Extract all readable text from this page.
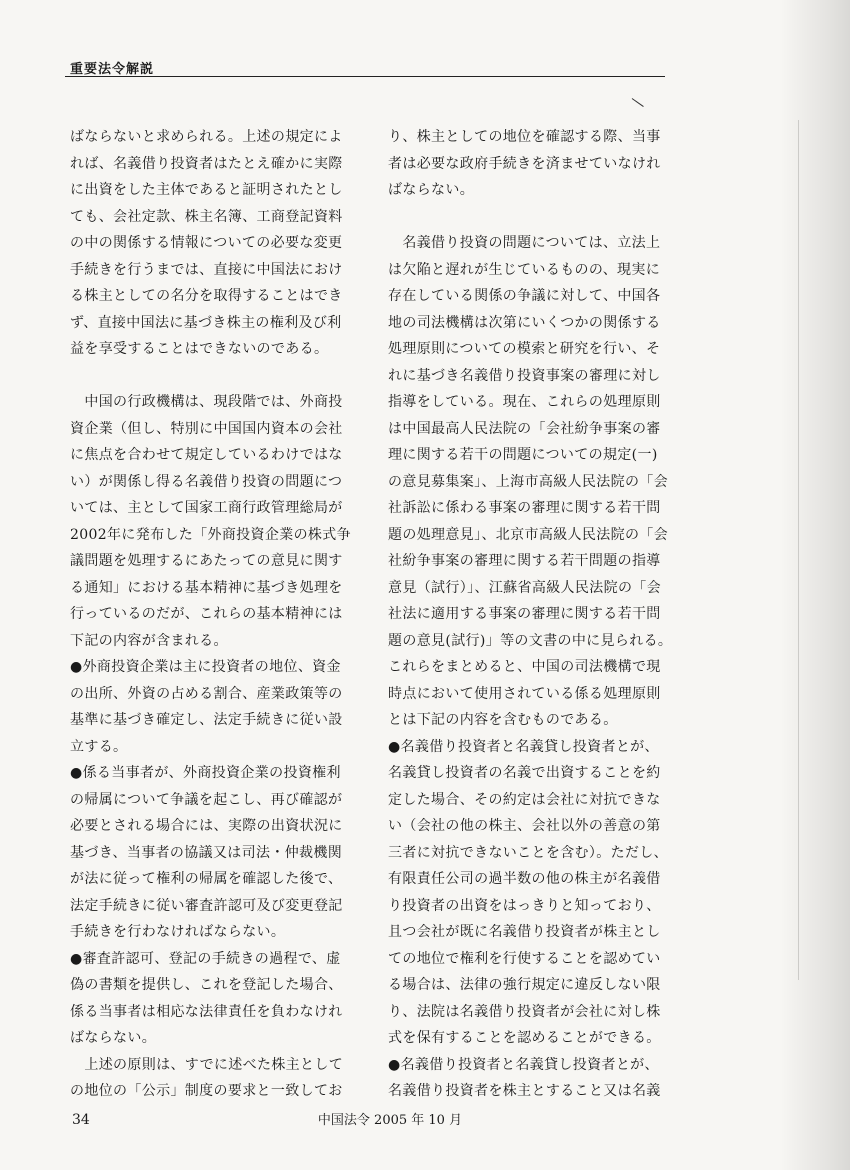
重要法令解説

ばならないと求められる。上述の規定によ

れば、名義借り投資者はたとえ確かに実際

に出資をした主体であると証明されたとし

ても、会社定款、株主名簿、工商登記資料

の中の関係する情報についての必要な変更

手続きを行うまでは、直接に中国法におけ

る株主としての名分を取得することはでき

ず、直接中国法に基づき株主の権利及び利

益を享受することはできないのである。

　中国の行政機構は、現段階では、外商投

資企業（但し、特別に中国国内資本の会社

に焦点を合わせて規定しているわけではな

い）が関係し得る名義借り投資の問題につ

いては、主として国家工商行政管理総局が

2002年に発布した「外商投資企業の株式争

議問題を処理するにあたっての意見に関す

る通知」における基本精神に基づき処理を

行っているのだが、これらの基本精神には

下記の内容が含まれる。

●外商投資企業は主に投資者の地位、資金

の出所、外資の占める割合、産業政策等の

基準に基づき確定し、法定手続きに従い設

立する。

●係る当事者が、外商投資企業の投資権利

の帰属について争議を起こし、再び確認が

必要とされる場合には、実際の出資状況に

基づき、当事者の協議又は司法・仲裁機関

が法に従って権利の帰属を確認した後で、

法定手続きに従い審査許認可及び変更登記

手続きを行わなければならない。

●審査許認可、登記の手続きの過程で、虚

偽の書類を提供し、これを登記した場合、

係る当事者は相応な法律責任を負わなけれ

ばならない。

　上述の原則は、すでに述べた株主として

の地位の「公示」制度の要求と一致してお

り、株主としての地位を確認する際、当事

者は必要な政府手続きを済ませていなけれ

ばならない。

　名義借り投資の問題については、立法上

は欠陥と遅れが生じているものの、現実に

存在している関係の争議に対して、中国各

地の司法機構は次第にいくつかの関係する

処理原則についての模索と研究を行い、そ

れに基づき名義借り投資事案の審理に対し

指導をしている。現在、これらの処理原則

は中国最高人民法院の「会社紛争事案の審

理に関する若干の問題についての規定(一)

の意見募集案」、上海市高級人民法院の「会

社訴訟に係わる事案の審理に関する若干問

題の処理意見」、北京市高級人民法院の「会

社紛争事案の審理に関する若干問題の指導

意見（試行）」、江蘇省高級人民法院の「会

社法に適用する事案の審理に関する若干問

題の意見(試行)」等の文書の中に見られる。

これらをまとめると、中国の司法機構で現

時点において使用されている係る処理原則

とは下記の内容を含むものである。

●名義借り投資者と名義貸し投資者とが、

名義貸し投資者の名義で出資することを約

定した場合、その約定は会社に対抗できな

い（会社の他の株主、会社以外の善意の第

三者に対抗できないことを含む）。ただし、

有限責任公司の過半数の他の株主が名義借

り投資者の出資をはっきりと知っており、

且つ会社が既に名義借り投資者が株主とし

ての地位で権利を行使することを認めてい

る場合は、法律の強行規定に違反しない限

り、法院は名義借り投資者が会社に対し株

式を保有することを認めることができる。

●名義借り投資者と名義貸し投資者とが、

名義借り投資者を株主とすること又は名義

34	中国法令 2005 年 10 月
